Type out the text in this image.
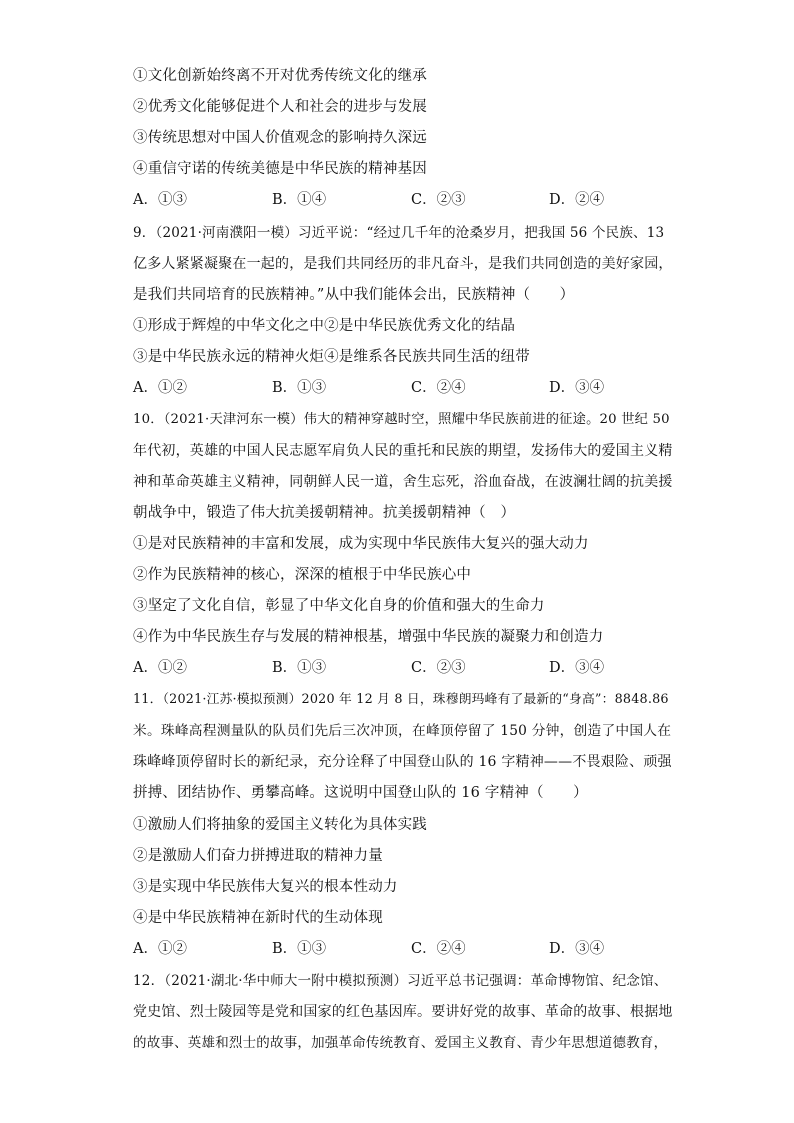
①文化创新始终离不开对优秀传统文化的继承
②优秀文化能够促进个人和社会的进步与发展
③传统思想对中国人价值观念的影响持久深远
④重信守诺的传统美德是中华民族的精神基因
A．①③	B．①④	C．②③	D．②④
9．（2021·河南濮阳一模）习近平说：“经过几千年的沧桑岁月，把我国 56 个民族、13
亿多人紧紧凝聚在一起的，是我们共同经历的非凡奋斗，是我们共同创造的美好家园，
是我们共同培育的民族精神。”从中我们能体会出，民族精神（　　）
①形成于辉煌的中华文化之中②是中华民族优秀文化的结晶
③是中华民族永远的精神火炬④是维系各民族共同生活的纽带
A．①②	B．①③	C．②④	D．③④
10．（2021·天津河东一模）伟大的精神穿越时空，照耀中华民族前进的征途。20 世纪 50
年代初，英雄的中国人民志愿军肩负人民的重托和民族的期望，发扬伟大的爱国主义精
神和革命英雄主义精神，同朝鲜人民一道，舍生忘死，浴血奋战，在波澜壮阔的抗美援
朝战争中，锻造了伟大抗美援朝精神。抗美援朝精神（　）
①是对民族精神的丰富和发展，成为实现中华民族伟大复兴的强大动力
②作为民族精神的核心，深深的植根于中华民族心中
③坚定了文化自信，彰显了中华文化自身的价值和强大的生命力
④作为中华民族生存与发展的精神根基，增强中华民族的凝聚力和创造力
A．①②	B．①③	C．②③	D．③④
11．（2021·江苏·模拟预测）2020 年 12 月 8 日，珠穆朗玛峰有了最新的“身高”：8848.86
米。珠峰高程测量队的队员们先后三次冲顶，在峰顶停留了 150 分钟，创造了中国人在
珠峰峰顶停留时长的新纪录，充分诠释了中国登山队的 16 字精神——不畏艰险、顽强
拼搏、团结协作、勇攀高峰。这说明中国登山队的 16 字精神（　　）
①激励人们将抽象的爱国主义转化为具体实践
②是激励人们奋力拼搏进取的精神力量
③是实现中华民族伟大复兴的根本性动力
④是中华民族精神在新时代的生动体现
A．①②	B．①③	C．②④	D．③④
12．（2021·湖北·华中师大一附中模拟预测）习近平总书记强调：革命博物馆、纪念馆、
党史馆、烈士陵园等是党和国家的红色基因库。要讲好党的故事、革命的故事、根据地
的故事、英雄和烈士的故事，加强革命传统教育、爱国主义教育、青少年思想道德教育，
